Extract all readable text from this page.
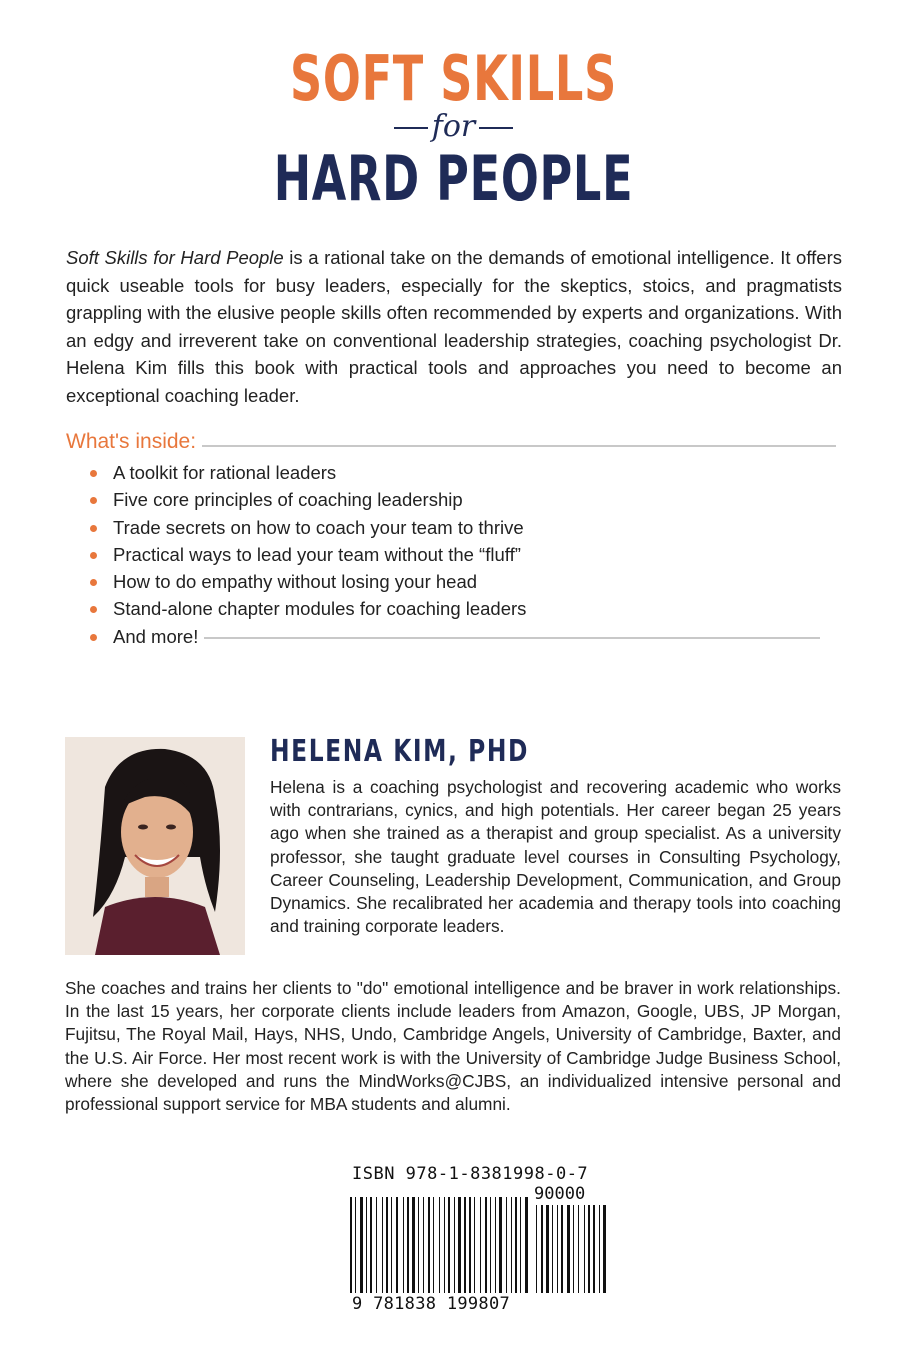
SOFT SKILLS
for
HARD PEOPLE
Soft Skills for Hard People is a rational take on the demands of emotional intelligence. It offers quick useable tools for busy leaders, especially for the skeptics, stoics, and pragmatists grappling with the elusive people skills often recommended by experts and organizations. With an edgy and irreverent take on conventional leadership strategies, coaching psychologist Dr. Helena Kim fills this book with practical tools and approaches you need to become an exceptional coaching leader.
What's inside:
A toolkit for rational leaders
Five core principles of coaching leadership
Trade secrets on how to coach your team to thrive
Practical ways to lead your team without the “fluff”
How to do empathy without losing your head
Stand-alone chapter modules for coaching leaders
And more!
HELENA KIM, PHD
Helena is a coaching psychologist and recovering academic who works with contrarians, cynics, and high potentials. Her career began 25 years ago when she trained as a therapist and group specialist. As a university professor, she taught graduate level courses in Consulting Psychology, Career Counseling, Leadership Development, Communication, and Group Dynamics. She recalibrated her academia and therapy tools into coaching and training corporate leaders.
She coaches and trains her clients to "do" emotional intelligence and be braver in work relationships. In the last 15 years, her corporate clients include leaders from Amazon, Google, UBS, JP Morgan, Fujitsu, The Royal Mail, Hays, NHS, Undo, Cambridge Angels, University of Cambridge, Baxter, and the U.S. Air Force. Her most recent work is with the University of Cambridge Judge Business School, where she developed and runs the MindWorks@CJBS, an individualized intensive personal and professional support service for MBA students and alumni.
ISBN 978-1-8381998-0-7
90000
9 781838 199807
